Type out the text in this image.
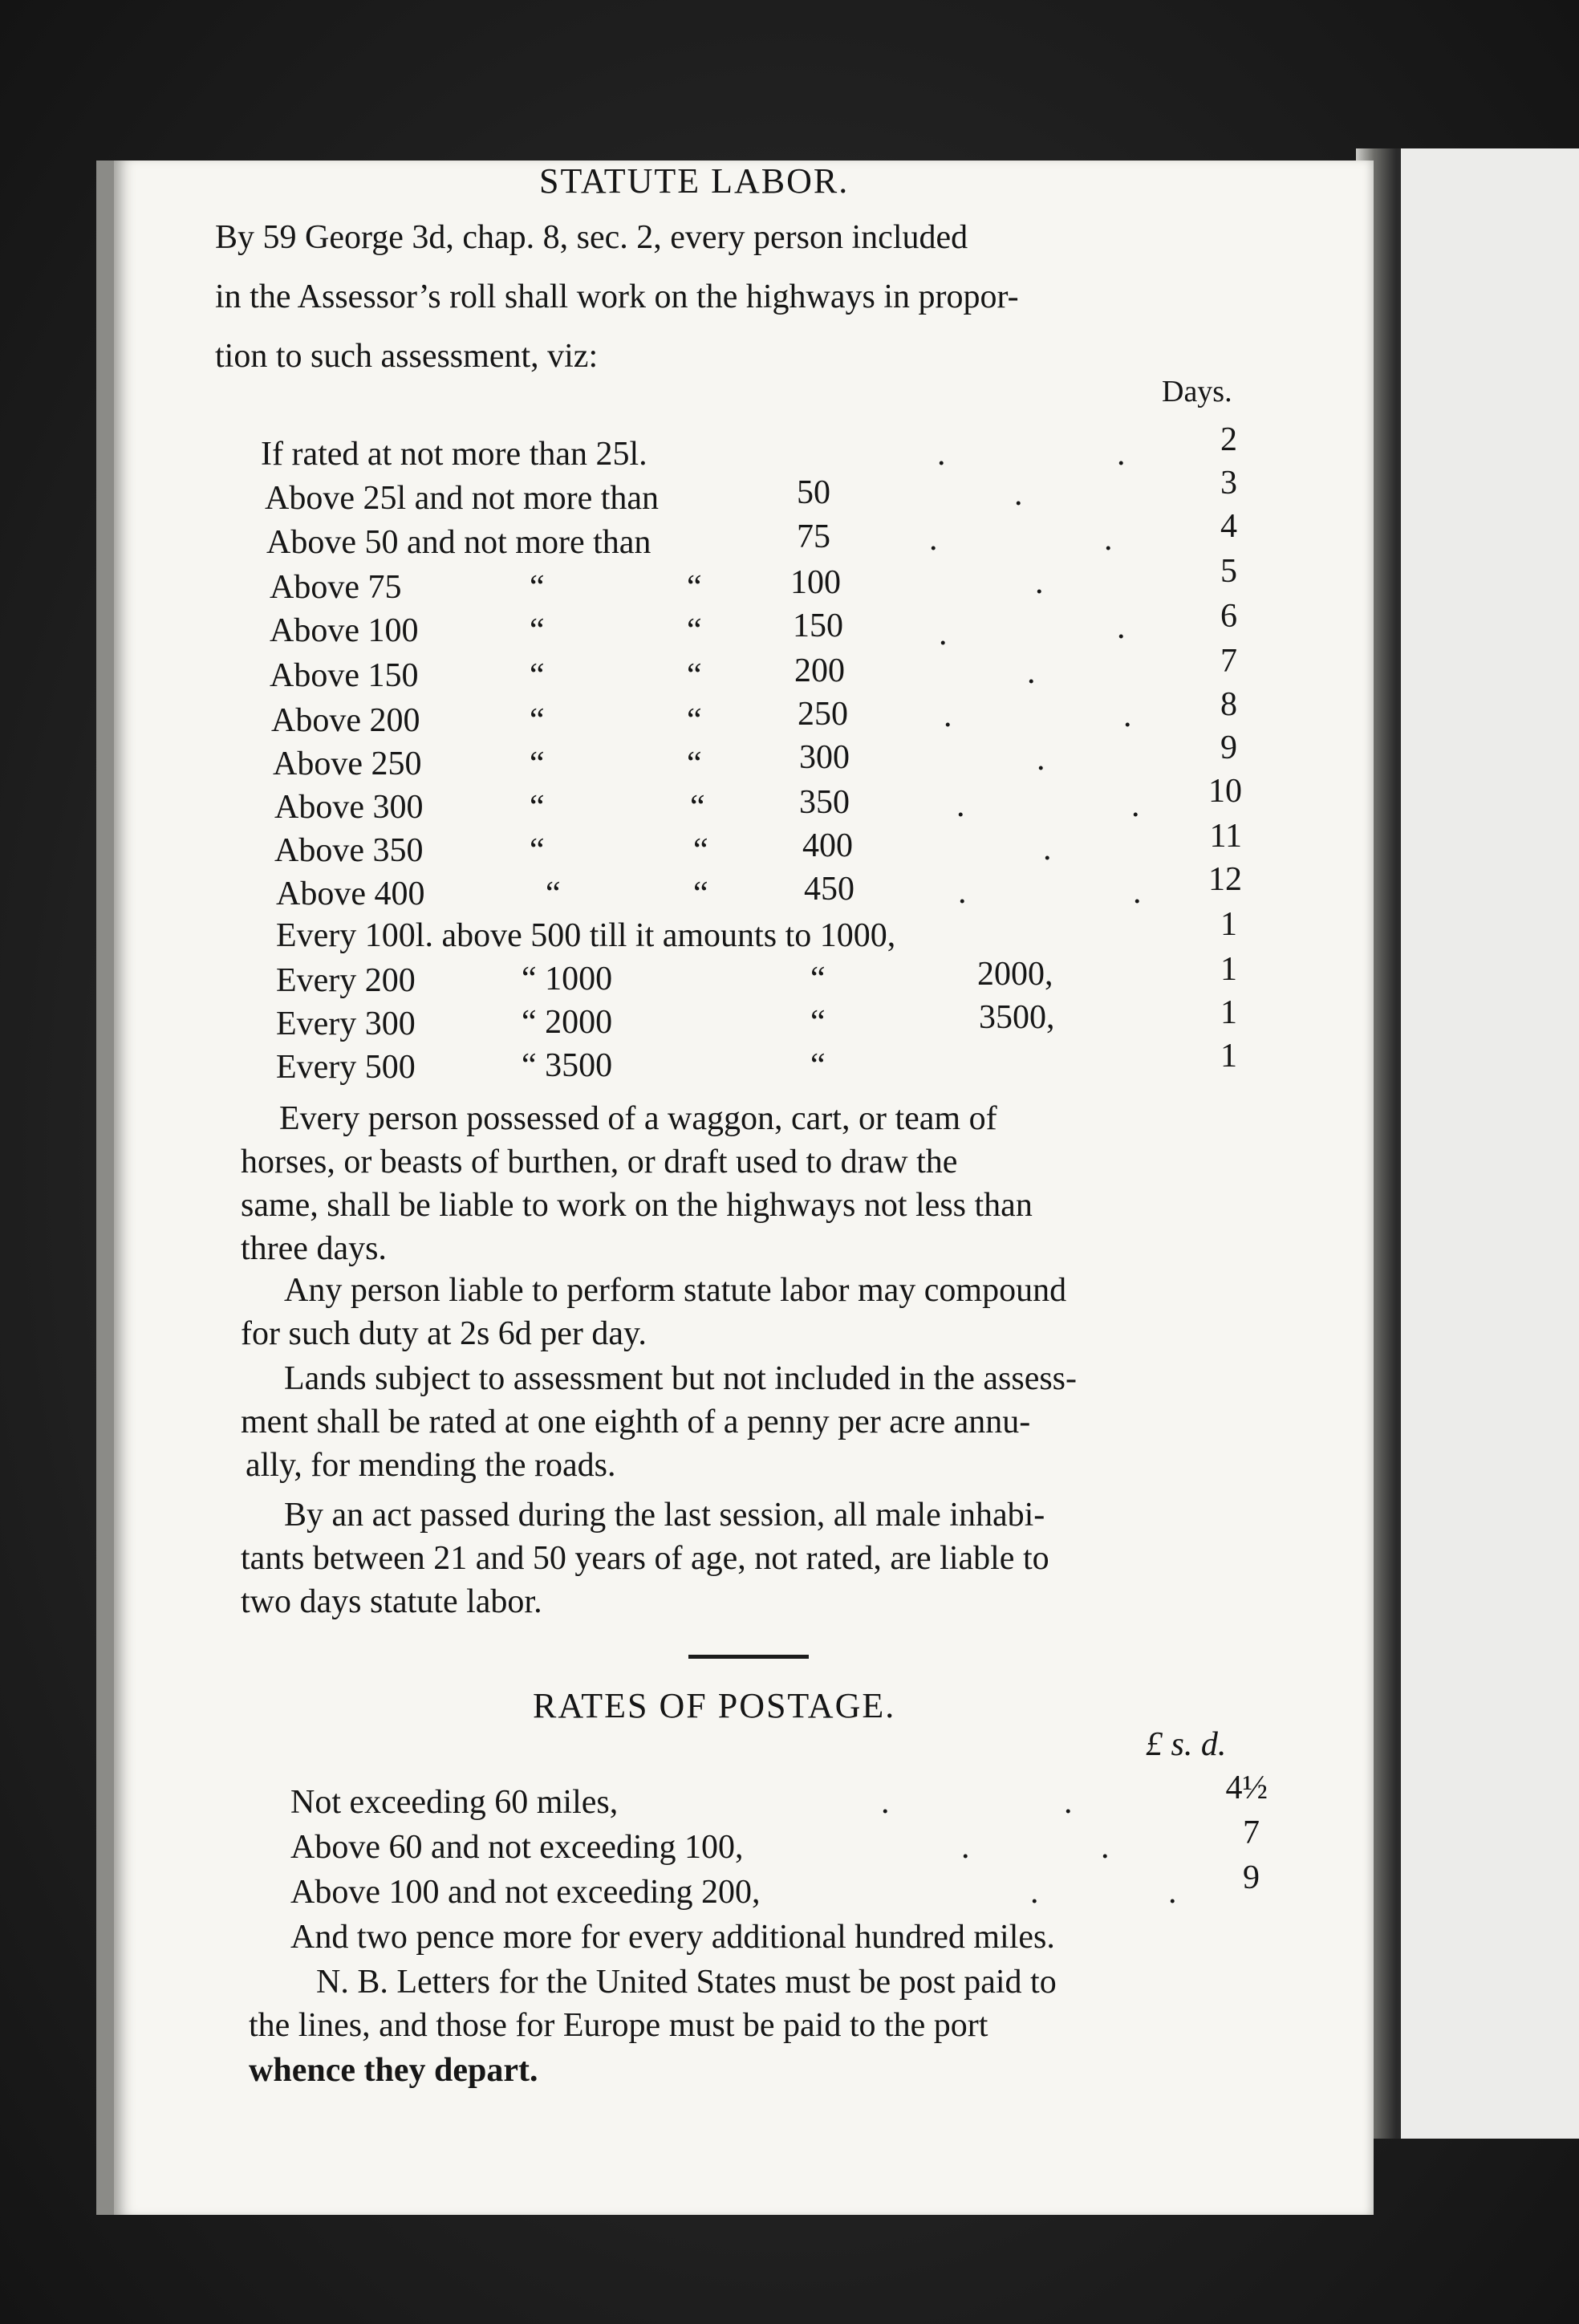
STATUTE LABOR.
By 59 George 3d, chap. 8, sec. 2, every person included
in the Assessor’s roll shall work on the highways in propor-
tion to such assessment, viz:
Days.
If rated at not more than 25l.	.	.	2
Above 25l and not more than	50	.	3
Above 50 and not more than	75	.	.	4
Above 75	“	“	100	.	5
Above 100	“	“	150	.	.	6
Above 150	“	“	200	.	7
Above 200	“	“	250	.	.	8
Above 250	“	“	300	.	9
Above 300	“	“	350	.	.	10
Above 350	“	“	400	.	11
Above 400	“	“	450	.	.	12
Every 100l. above 500 till it amounts to 1000,	1
Every 200	“ 1000	“	2000,	1
Every 300	“ 2000	“	3500,	1
Every 500	“ 3500	“	1
Every person possessed of a waggon, cart, or team of
horses, or beasts of burthen, or draft used to draw the
same, shall be liable to work on the highways not less than
three days.
Any person liable to perform statute labor may compound
for such duty at 2s 6d per day.
Lands subject to assessment but not included in the assess-
ment shall be rated at one eighth of a penny per acre annu-
ally, for mending the roads.
By an act passed during the last session, all male inhabi-
tants between 21 and 50 years of age, not rated, are liable to
two days statute labor.
RATES OF POSTAGE.
£ s. d.
Not exceeding 60 miles,	.	.	4½
Above 60 and not exceeding 100,	.	.	7
Above 100 and not exceeding 200,	.	.	9
And two pence more for every additional hundred miles.
N. B. Letters for the United States must be post paid to
the lines, and those for Europe must be paid to the port
whence they depart.
